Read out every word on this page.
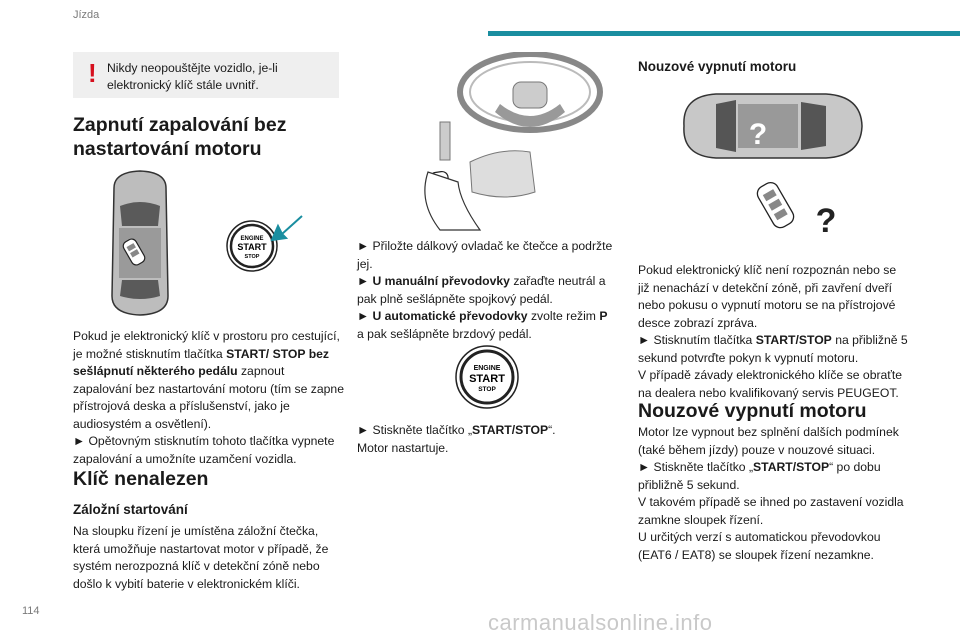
Jízda
114	carmanualsonline.info
! Nikdy neopouštějte vozidlo, je-li elektronický klíč stále uvnitř.
Zapnutí zapalování bez nastartování motoru
ENGINE
START
STOP

Pokud je elektronický klíč v prostoru pro cestující, je možné stisknutím tlačítka START/ STOP bez sešlápnutí některého pedálu zapnout zapalování bez nastartování motoru (tím se zapne přístrojová deska a příslušenství, jako je audiosystém a osvětlení).

► Opětovným stisknutím tohoto tlačítka vypnete zapalování a umožníte uzamčení vozidla.

Klíč nenalezen
Záložní startování
Na sloupku řízení je umístěna záložní čtečka, která umožňuje nastartovat motor v případě, že systém nerozpozná klíč v detekční zóně nebo došlo k vybití baterie v elektronickém klíči.

► Přiložte dálkový ovladač ke čtečce a podržte jej.

► U manuální převodovky zařaďte neutrál a pak plně sešlápněte spojkový pedál.

► U automatické převodovky zvolte režim P a pak sešlápněte brzdový pedál.

ENGINE
START
STOP

► Stiskněte tlačítko „START/STOP“.

Motor nastartuje.

Nouzové vypnutí motoru
?
?

Pokud elektronický klíč není rozpoznán nebo se již nenachází v detekční zóně, při zavření dveří nebo pokusu o vypnutí motoru se na přístrojové desce zobrazí zpráva.

► Stisknutím tlačítka START/STOP na přibližně 5 sekund potvrďte pokyn k vypnutí motoru.

V případě závady elektronického klíče se obraťte na dealera nebo kvalifikovaný servis PEUGEOT.

Nouzové vypnutí motoru

Motor lze vypnout bez splnění dalších podmínek (také během jízdy) pouze v nouzové situaci.

► Stiskněte tlačítko „START/STOP“ po dobu přibližně 5 sekund.

V takovém případě se ihned po zastavení vozidla zamkne sloupek řízení.

U určitých verzí s automatickou převodovkou (EAT6 / EAT8) se sloupek řízení nezamkne.
